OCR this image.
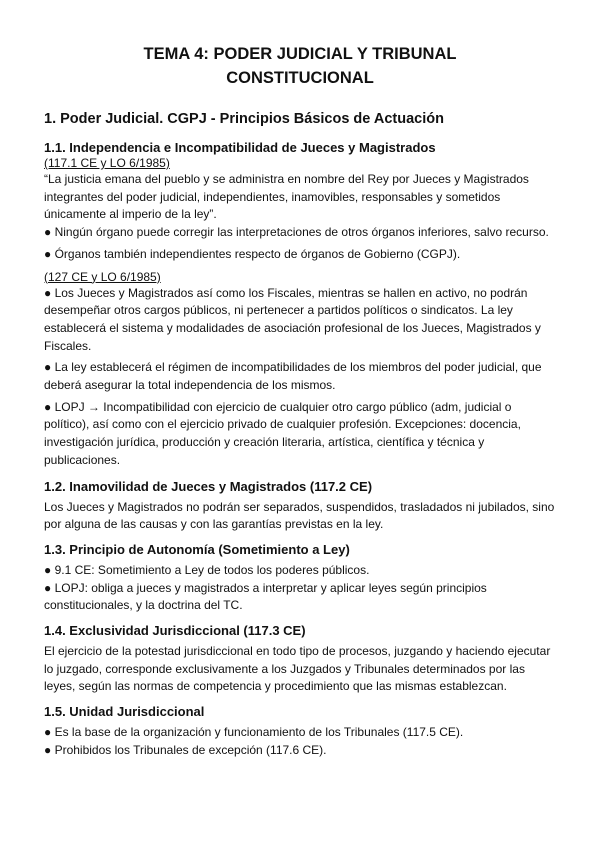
TEMA 4: PODER JUDICIAL Y TRIBUNAL
CONSTITUCIONAL
1. Poder Judicial. CGPJ - Principios Básicos de Actuación
1.1. Independencia e Incompatibilidad de Jueces y Magistrados
(117.1 CE y LO 6/1985)
“La justicia emana del pueblo y se administra en nombre del Rey por Jueces y Magistrados integrantes del poder judicial, independientes, inamovibles, responsables y sometidos únicamente al imperio de la ley”.
● Ningún órgano puede corregir las interpretaciones de otros órganos inferiores, salvo recurso.
● Órganos también independientes respecto de órganos de Gobierno (CGPJ).
(127 CE y LO 6/1985)
● Los Jueces y Magistrados así como los Fiscales, mientras se hallen en activo, no podrán desempeñar otros cargos públicos, ni pertenecer a partidos políticos o sindicatos. La ley establecerá el sistema y modalidades de asociación profesional de los Jueces, Magistrados y Fiscales.
● La ley establecerá el régimen de incompatibilidades de los miembros del poder judicial, que deberá asegurar la total independencia de los mismos.
● LOPJ → Incompatibilidad con ejercicio de cualquier otro cargo público (adm, judicial o político), así como con el ejercicio privado de cualquier profesión. Excepciones: docencia, investigación jurídica, producción y creación literaria, artística, científica y técnica y publicaciones.
1.2. Inamovilidad de Jueces y Magistrados (117.2 CE)
Los Jueces y Magistrados no podrán ser separados, suspendidos, trasladados ni jubilados, sino por alguna de las causas y con las garantías previstas en la ley.
1.3. Principio de Autonomía (Sometimiento a Ley)
● 9.1 CE: Sometimiento a Ley de todos los poderes públicos.
● LOPJ: obliga a jueces y magistrados a interpretar y aplicar leyes según principios constitucionales, y la doctrina del TC.
1.4. Exclusividad Jurisdiccional (117.3 CE)
El ejercicio de la potestad jurisdiccional en todo tipo de procesos, juzgando y haciendo ejecutar lo juzgado, corresponde exclusivamente a los Juzgados y Tribunales determinados por las leyes, según las normas de competencia y procedimiento que las mismas establezcan.
1.5. Unidad Jurisdiccional
● Es la base de la organización y funcionamiento de los Tribunales (117.5 CE).
● Prohibidos los Tribunales de excepción (117.6 CE).
